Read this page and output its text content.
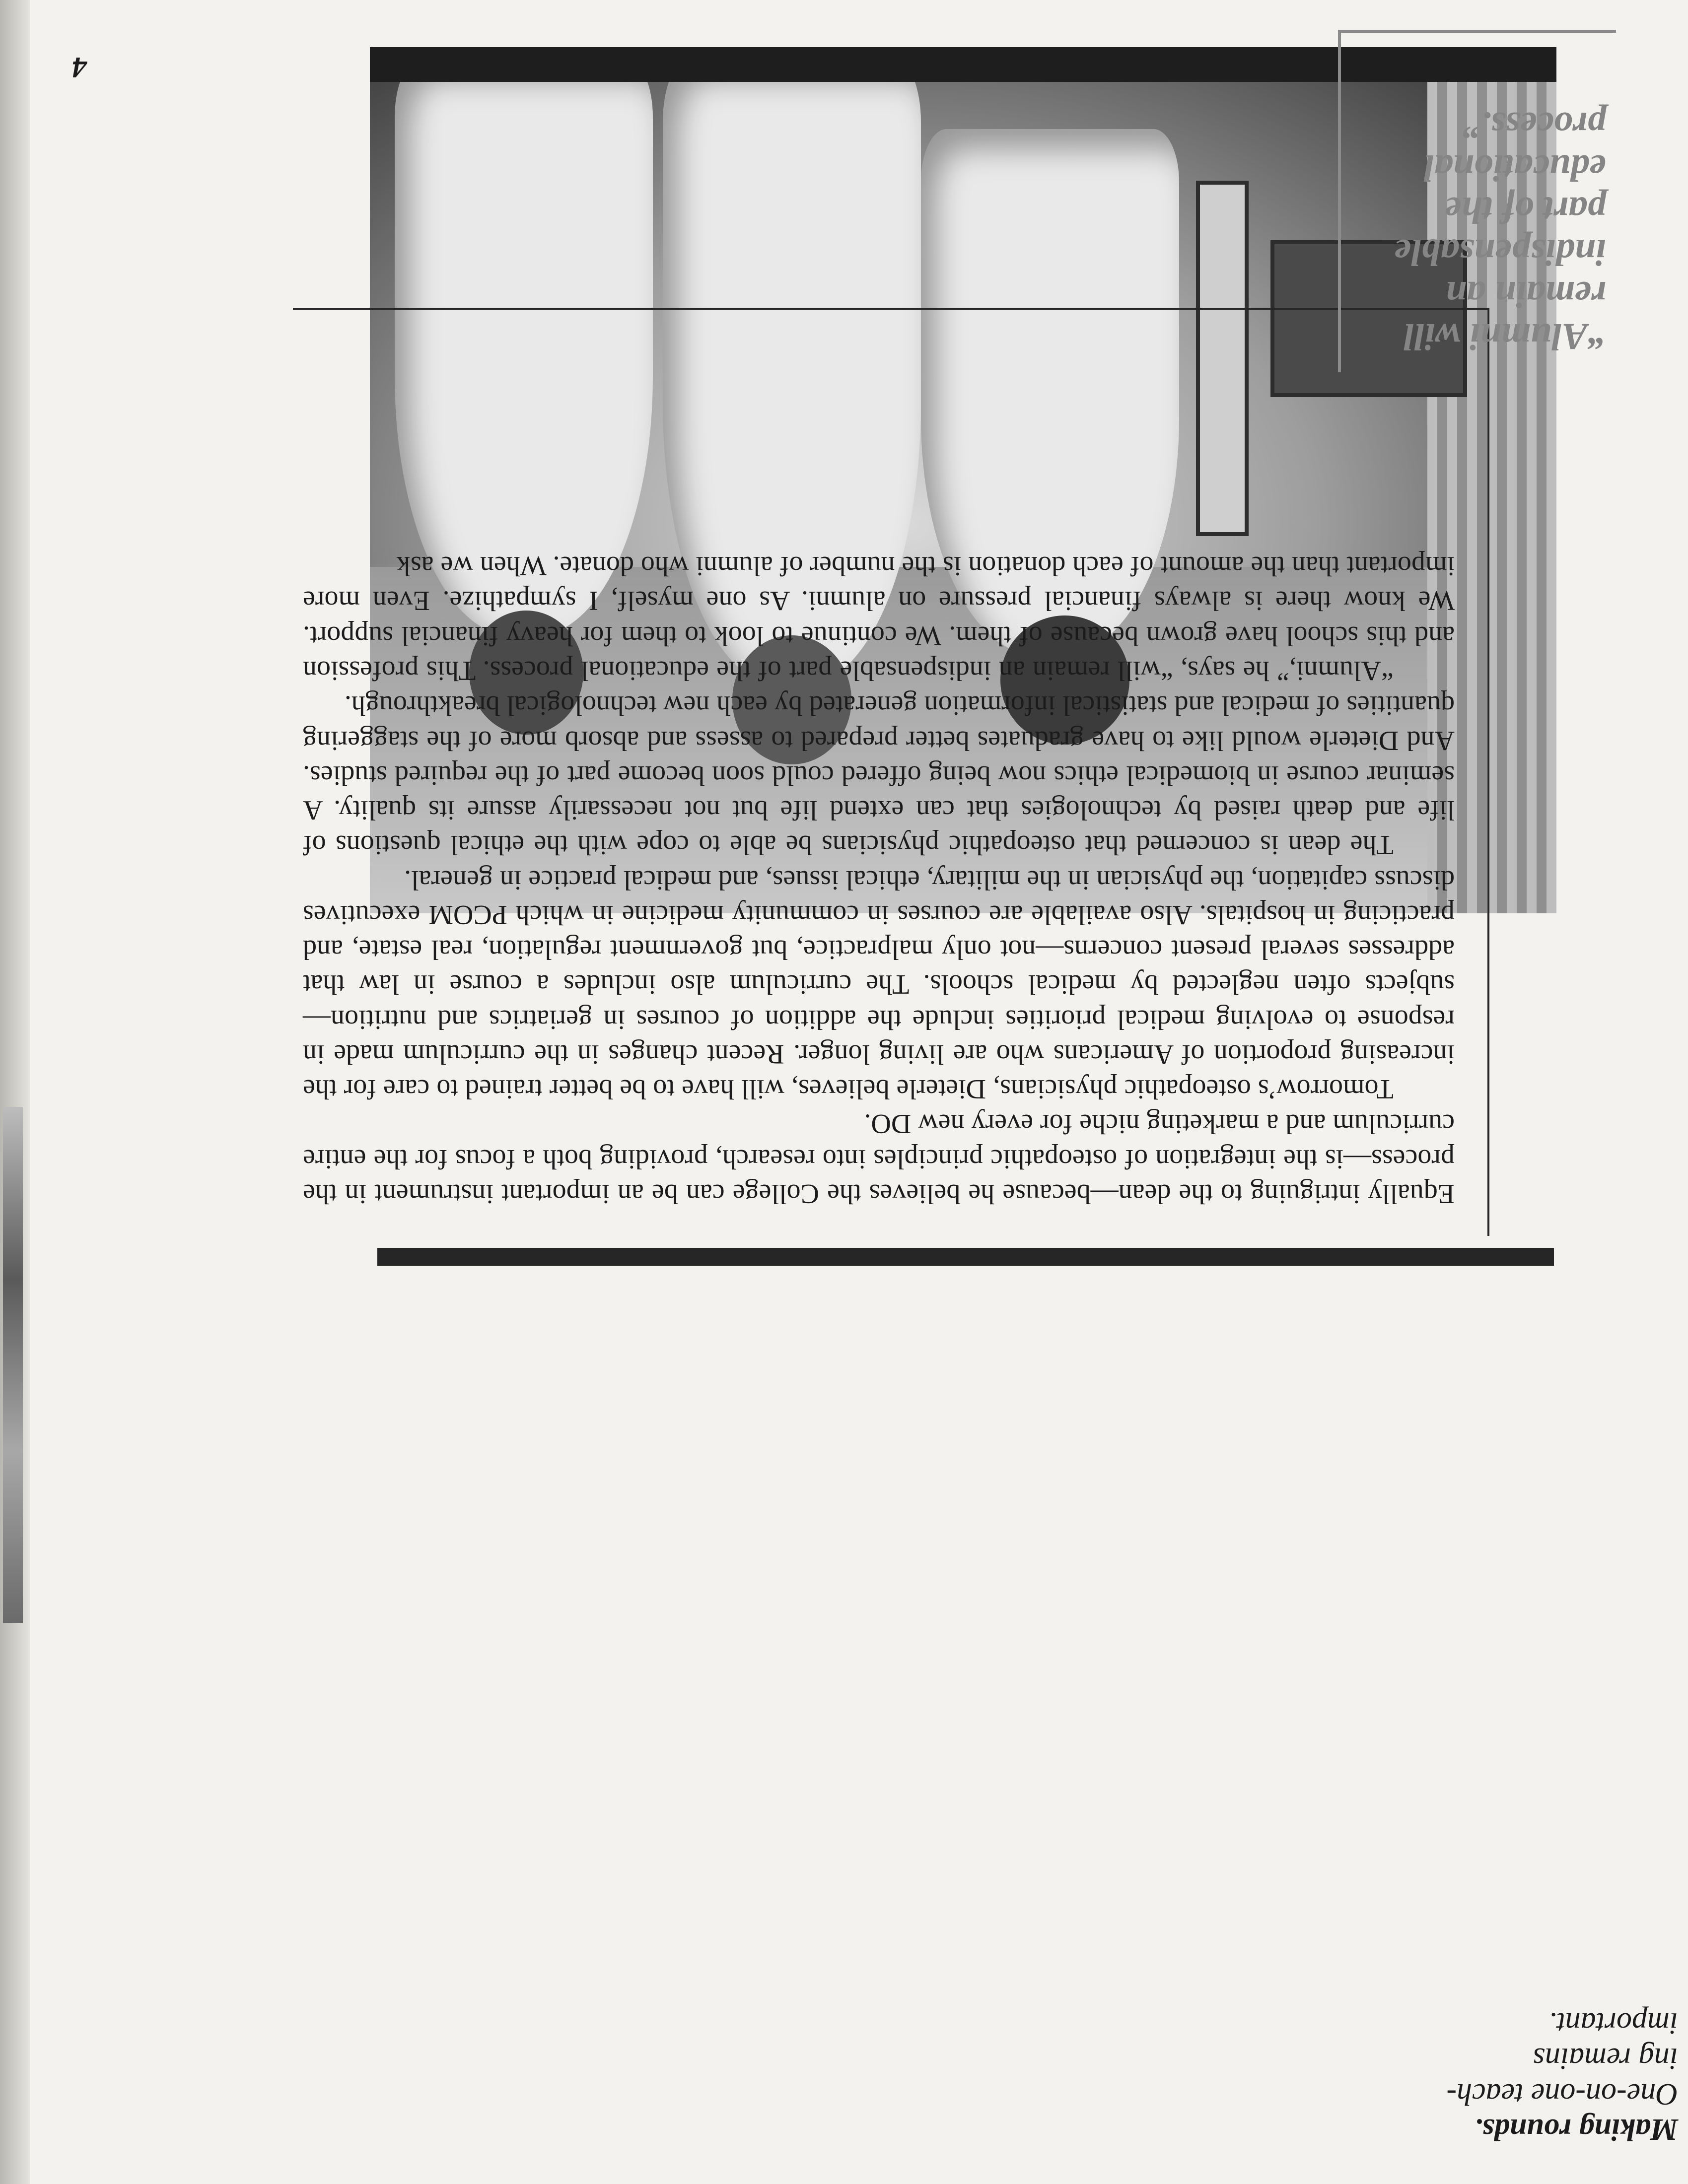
4

Equally intriguing to the dean—because he believes the College can be an important instrument in the process—is the integration of osteopathic principles into research, providing both a focus for the entire curriculum and a marketing niche for every new DO.

Tomorrow’s osteopathic physicians, Dieterle believes, will have to be better trained to care for the increasing proportion of Americans who are living longer. Recent changes in the curriculum made in response to evolving medical priorities include the addition of courses in geriatrics and nutrition—subjects often neglected by medical schools. The curriculum also includes a course in law that addresses several present concerns—not only malpractice, but government regulation, real estate, and practicing in hospitals. Also available are courses in community medicine in which PCOM executives discuss capitation, the physician in the military, ethical issues, and medical practice in general.

The dean is concerned that osteopathic physicians be able to cope with the ethical questions of life and death raised by technologies that can extend life but not necessarily assure its quality. A seminar course in biomedical ethics now being offered could soon become part of the required studies. And Dieterle would like to have graduates better prepared to assess and absorb more of the staggering quantities of medical and statistical information generated by each new technological breakthrough.

“Alumni,” he says, “will remain an indispensable part of the educational process. This profession and this school have grown because of them. We continue to look to them for heavy financial support. We know there is always financial pressure on alumni. As one myself, I sympathize. Even more important than the amount of each donation is the number of alumni who donate. When we ask

“Alumni will
remain an
indispensable
part of the
educational
process.”
Making rounds.
One-on-one teach-
ing remains
important.
